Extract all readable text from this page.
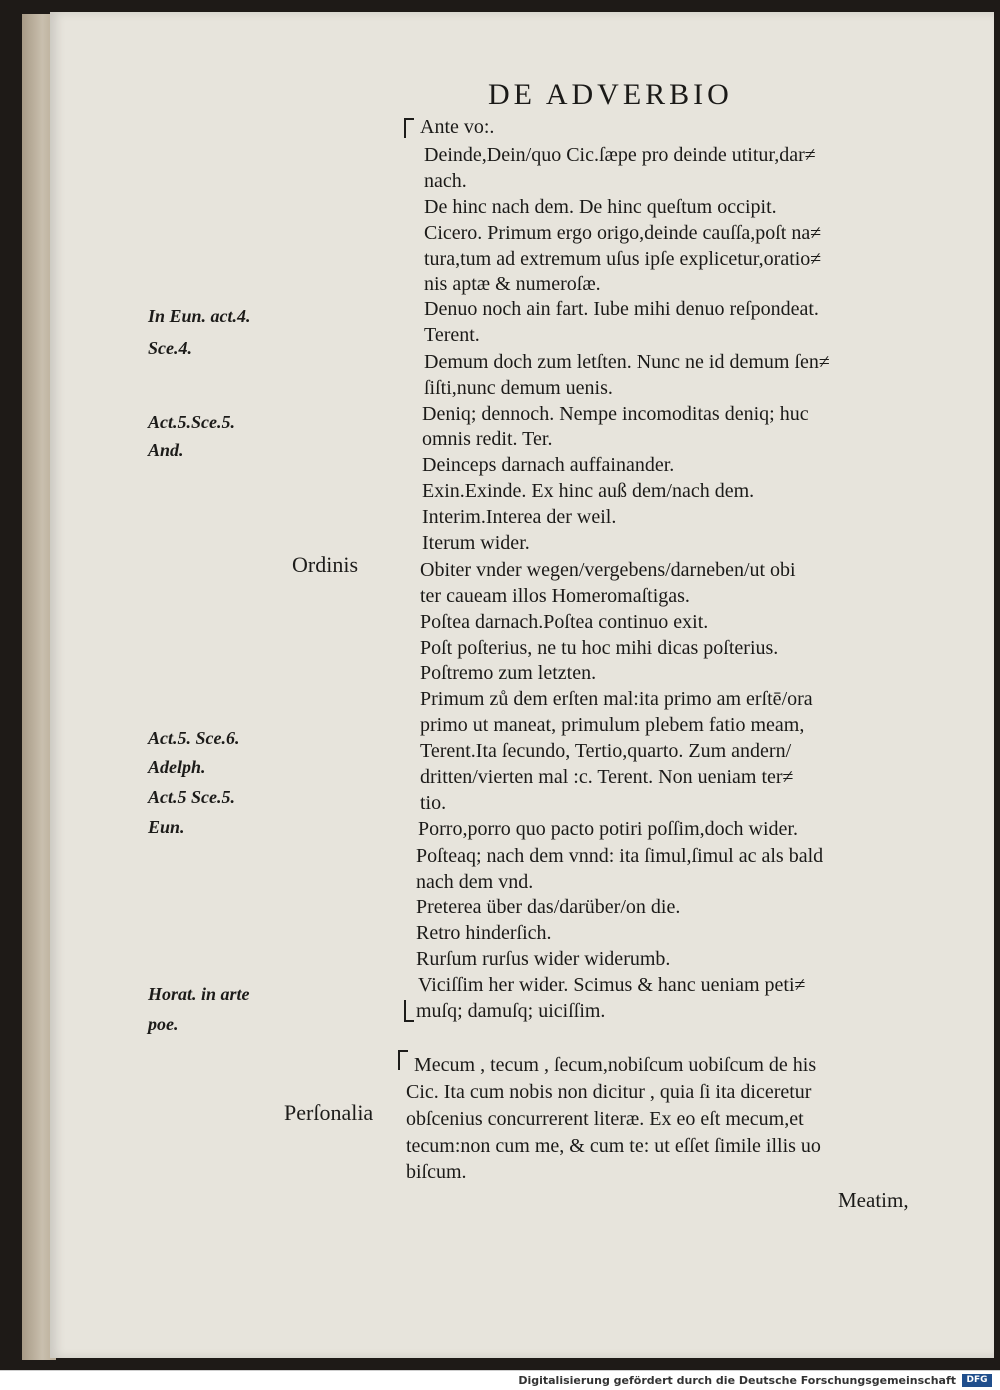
DE ADVERBIO
In Eun. act.4.
Sce.4.
Act.5.Sce.5.
And.
Act.5. Sce.6.
Adelph.
Act.5 Sce.5.
Eun.
Horat. in arte
poe.
Ordinis
Perſonalia
Ante vo:.
Deinde,Dein/quo Cic.ſæpe pro deinde utitur,dar≠
nach.
De hinc nach dem. De hinc queſtum occipit.
Cicero. Primum ergo origo,deinde cauſſa,poſt na≠
tura,tum ad extremum uſus ipſe explicetur,oratio≠
nis aptæ & numeroſæ.
Denuo noch ain fart. Iube mihi denuo reſpondeat.
Terent.
Demum doch zum letſten. Nunc ne id demum ſen≠
ſiſti,nunc demum uenis.
Deniq; dennoch. Nempe incomoditas deniq; huc
omnis redit. Ter.
Deinceps darnach auffainander.
Exin.Exinde. Ex hinc auß dem/nach dem.
Interim.Interea der weil.
Iterum wider.
Obiter vnder wegen/vergebens/darneben/ut obi
ter caueam illos Homeromaſtigas.
Poſtea darnach.Poſtea continuo exit.
Poſt poſterius, ne tu hoc mihi dicas poſterius.
Poſtremo zum letzten.
Primum zů dem erſten mal:ita primo am erſtē/ora
primo ut maneat, primulum plebem fatio meam,
Terent.Ita ſecundo, Tertio,quarto. Zum andern/
dritten/vierten mal :c. Terent. Non ueniam ter≠
tio.
Porro,porro quo pacto potiri poſſim,doch wider.
Poſteaq; nach dem vnnd: ita ſimul,ſimul ac als bald
nach dem vnd.
Preterea über das/darüber/on die.
Retro hinderſich.
Rurſum rurſus wider widerumb.
Viciſſim her wider. Scimus & hanc ueniam peti≠
muſq; damuſq; uiciſſim.
Mecum , tecum , ſecum,nobiſcum uobiſcum de his
Cic. Ita cum nobis non dicitur , quia ſi ita diceretur
obſcenius concurrerent literæ. Ex eo eſt mecum,et
tecum:non cum me, & cum te: ut eſſet ſimile illis uo
biſcum.
Meatim,
Digitalisierung gefördert durch die Deutsche Forschungsgemeinschaft	DFG
